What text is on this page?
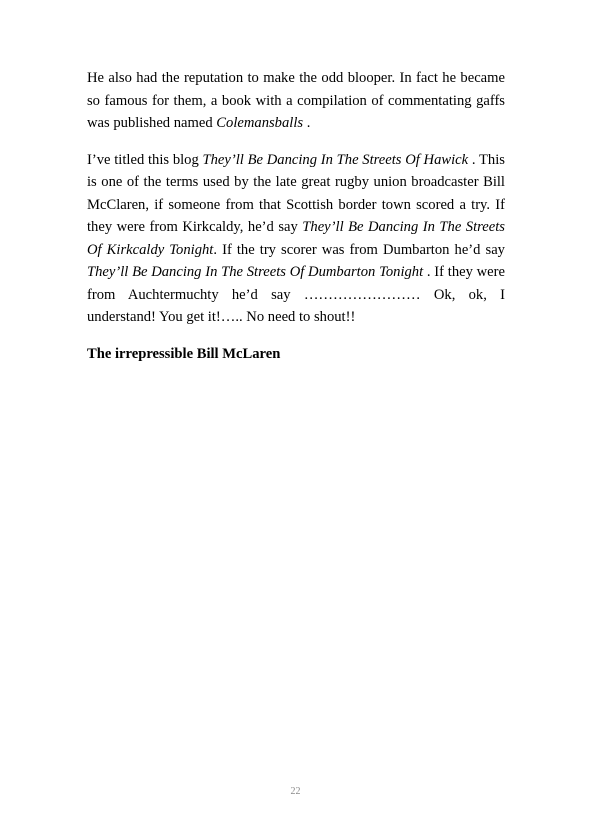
He also had the reputation to make the odd blooper. In fact he became so famous for them, a book with a compilation of commentating gaffs was published named Colemansballs .

I’ve titled this blog They’ll Be Dancing In The Streets Of Hawick . This is one of the terms used by the late great rugby union broadcaster Bill McClaren, if someone from that Scottish border town scored a try. If they were from Kirkcaldy, he’d say They’ll Be Dancing In The Streets Of Kirkcaldy Tonight. If the try scorer was from Dumbarton he’d say They’ll Be Dancing In The Streets Of Dumbarton Tonight . If they were from Auchtermuchty he’d say …………………… Ok, ok, I understand! You get it!….. No need to shout!!

The irrepressible Bill McLaren

22
